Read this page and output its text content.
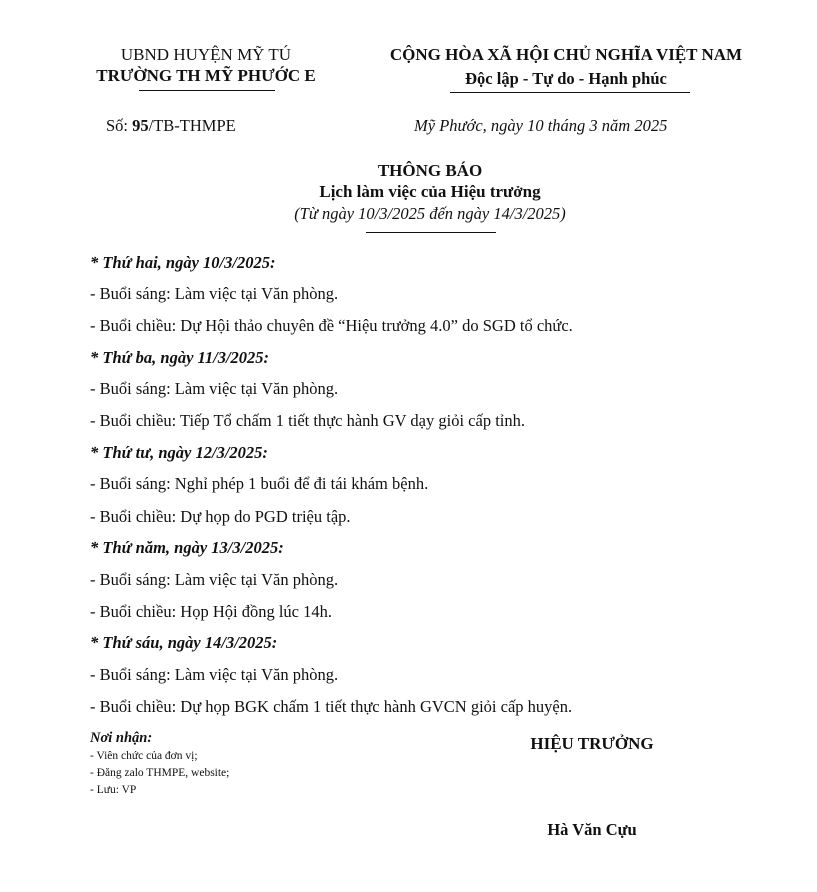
UBND HUYỆN MỸ TÚ
TRƯỜNG TH MỸ PHƯỚC E
CỘNG HÒA XÃ HỘI CHỦ NGHĨA VIỆT NAM
Độc lập - Tự do - Hạnh phúc
Số: 95/TB-THMPE	Mỹ Phước, ngày 10 tháng 3 năm 2025
THÔNG BÁO
Lịch làm việc của Hiệu trưởng
(Từ ngày 10/3/2025 đến ngày 14/3/2025)
* Thứ hai, ngày 10/3/2025:
- Buổi sáng: Làm việc tại Văn phòng.
- Buổi chiều: Dự Hội thảo chuyên đề “Hiệu trưởng 4.0” do SGD tổ chức.
* Thứ ba, ngày 11/3/2025:
- Buổi sáng: Làm việc tại Văn phòng.
- Buổi chiều: Tiếp Tổ chấm 1 tiết thực hành GV dạy giỏi cấp tỉnh.
* Thứ tư, ngày 12/3/2025:
- Buổi sáng: Nghỉ phép 1 buổi để đi tái khám bệnh.
- Buổi chiều: Dự họp do PGD triệu tập.
* Thứ năm, ngày 13/3/2025:
- Buổi sáng: Làm việc tại Văn phòng.
- Buổi chiều: Họp Hội đồng lúc 14h.
* Thứ sáu, ngày 14/3/2025:
- Buổi sáng: Làm việc tại Văn phòng.
- Buổi chiều: Dự họp BGK chấm 1 tiết thực hành GVCN giỏi cấp huyện.
Nơi nhận:
- Viên chức của đơn vị;
- Đăng zalo THMPE, website;
- Lưu: VP
HIỆU TRƯỞNG
Hà Văn Cựu
